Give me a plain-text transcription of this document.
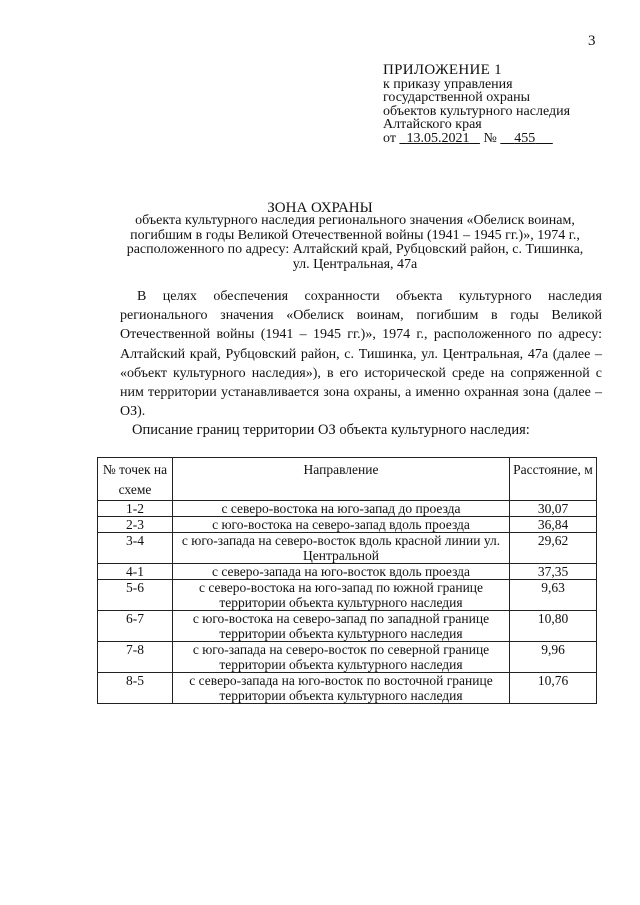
3
ПРИЛОЖЕНИЕ 1
к приказу управления
государственной охраны
объектов культурного наследия
Алтайского края
от 13.05.2021 № 455
ЗОНА ОХРАНЫ
объекта культурного наследия регионального значения «Обелиск воинам, погибшим в годы Великой Отечественной войны (1941 – 1945 гг.)», 1974 г., расположенного по адресу: Алтайский край, Рубцовский район, с. Тишинка, ул. Центральная, 47а
В целях обеспечения сохранности объекта культурного наследия регионального значения «Обелиск воинам, погибшим в годы Великой Отечественной войны (1941 – 1945 гг.)», 1974 г., расположенного по адресу: Алтайский край, Рубцовский район, с. Тишинка, ул. Центральная, 47а (далее – «объект культурного наследия»), в его исторической среде на сопряженной с ним территории устанавливается зона охраны, а именно охранная зона (далее – ОЗ).
Описание границ территории ОЗ объекта культурного наследия:
№ точек на схеме	Направление	Расстояние, м
1-2	с северо-востока на юго-запад до проезда	30,07
2-3	с юго-востока на северо-запад вдоль проезда	36,84
3-4	с юго-запада на северо-восток вдоль красной линии ул. Центральной	29,62
4-1	с северо-запада на юго-восток вдоль проезда	37,35
5-6	с северо-востока на юго-запад по южной границе территории объекта культурного наследия	9,63
6-7	с юго-востока на северо-запад по западной границе территории объекта культурного наследия	10,80
7-8	с юго-запада на северо-восток по северной границе территории объекта культурного наследия	9,96
8-5	с северо-запада на юго-восток по восточной границе территории объекта культурного наследия	10,76
